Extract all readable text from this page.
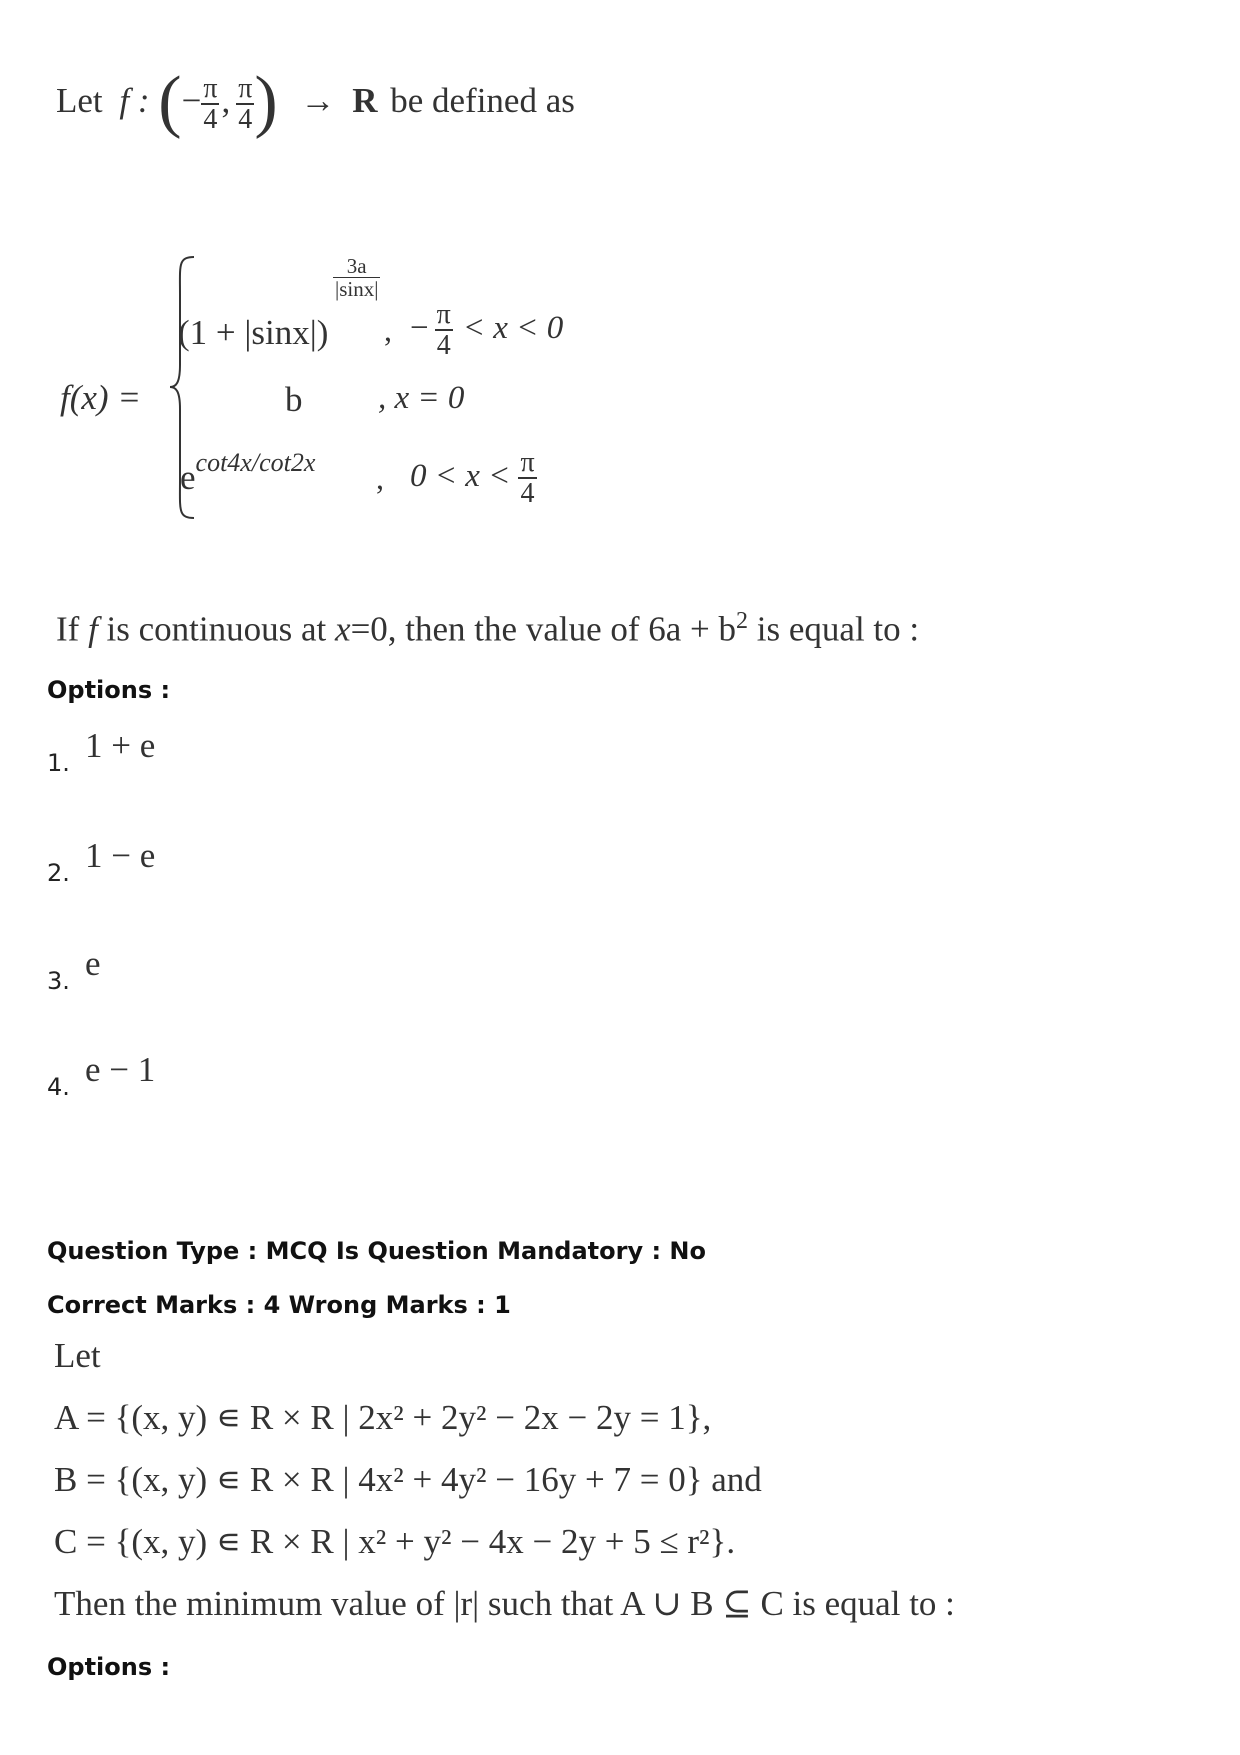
Let f : (− $\frac{\pi}{4}$ , $\frac{\pi}{4}$ ) → R be defined as
f(x) =
(1 + |sinx|)
$\frac{3a}{|\sin x|}$
, − $\frac{\pi}{4} < x < 0$
b , x = 0
$e^{cot4x/cot2x}$ , $0 < x < \frac{\pi}{4}$
If f is continuous at x=0, then the value of $6a + b^2$ is equal to :
Options :
1. 1 + e
2. 1 − e
3. e
4. e − 1
Question Type : MCQ Is Question Mandatory : No
Correct Marks : 4 Wrong Marks : 1
Let
A = {(x, y) ∊ R × R | 2x² + 2y² − 2x − 2y = 1},
B = {(x, y) ∊ R × R | 4x² + 4y² − 16y + 7 = 0} and
C = {(x, y) ∊ R × R | x² + y² − 4x − 2y + 5 ≤ r²}.
Then the minimum value of |r| such that A ∪ B ⊆ C is equal to :
Options :
